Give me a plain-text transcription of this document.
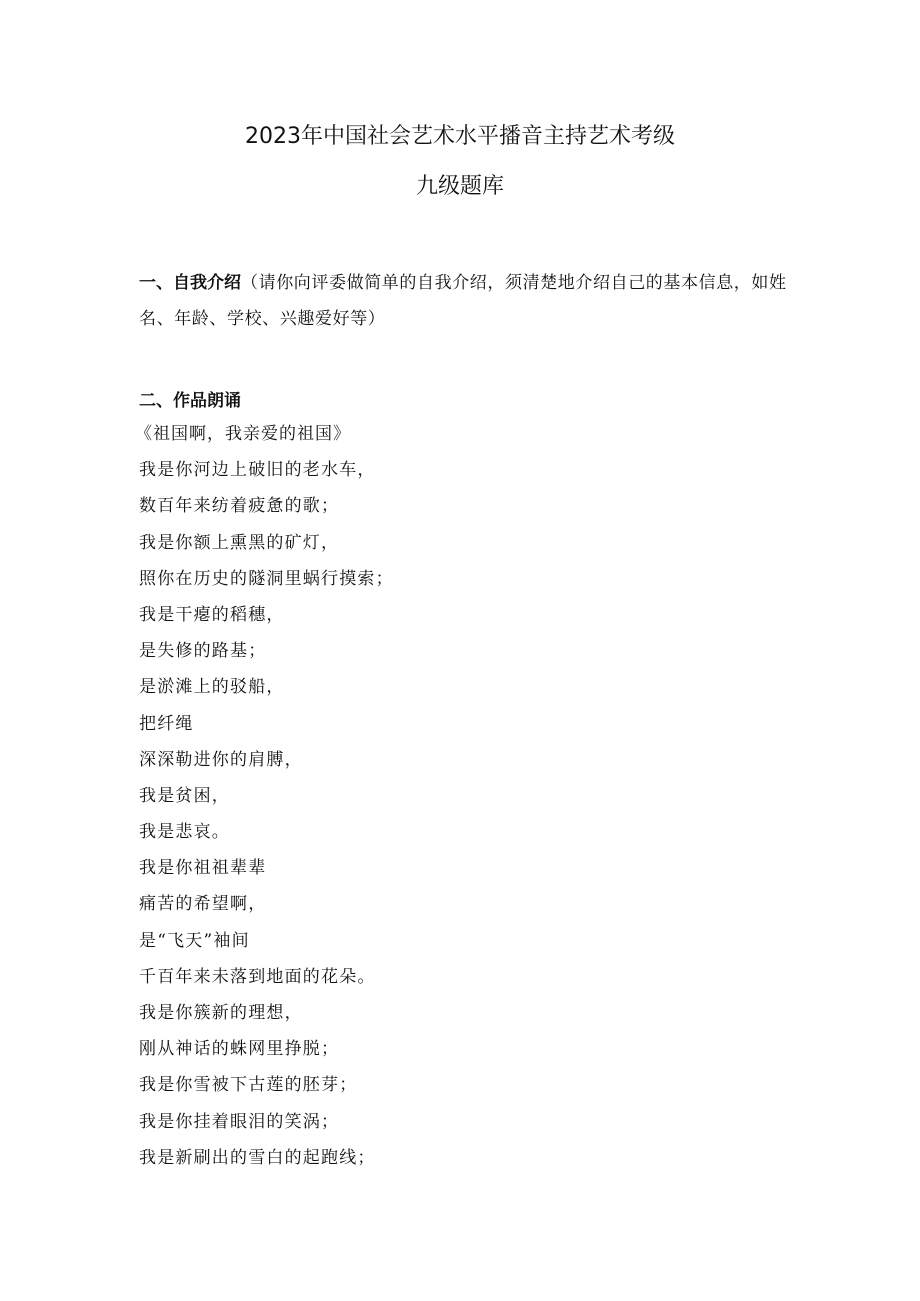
2023年中国社会艺术水平播音主持艺术考级
九级题库
一、自我介绍（请你向评委做简单的自我介绍，须清楚地介绍自己的基本信息，如姓名、年龄、学校、兴趣爱好等）
二、作品朗诵
《祖国啊，我亲爱的祖国》
我是你河边上破旧的老水车，
数百年来纺着疲惫的歌；
我是你额上熏黑的矿灯，
照你在历史的隧洞里蜗行摸索；
我是干瘪的稻穗，
是失修的路基；
是淤滩上的驳船，
把纤绳
深深勒进你的肩膊，
我是贫困，
我是悲哀。
我是你祖祖辈辈
痛苦的希望啊，
是“飞天”袖间
千百年来未落到地面的花朵。
我是你簇新的理想，
刚从神话的蛛网里挣脱；
我是你雪被下古莲的胚芽；
我是你挂着眼泪的笑涡；
我是新刷出的雪白的起跑线；
